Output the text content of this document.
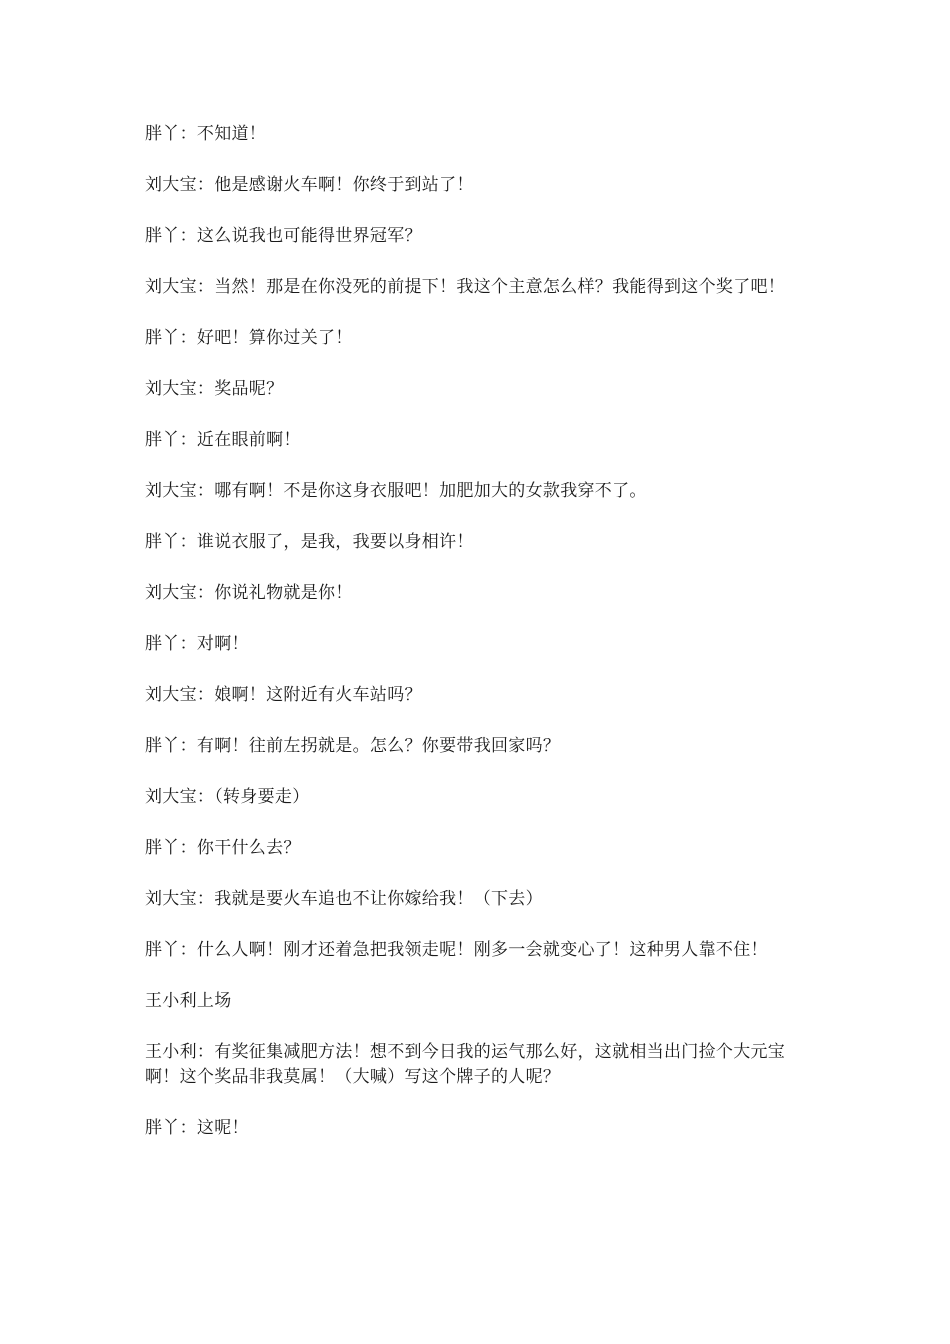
胖丫：不知道！

刘大宝：他是感谢火车啊！你终于到站了！

胖丫：这么说我也可能得世界冠军？

刘大宝：当然！那是在你没死的前提下！我这个主意怎么样？我能得到这个奖了吧！

胖丫：好吧！算你过关了！

刘大宝：奖品呢？

胖丫：近在眼前啊！

刘大宝：哪有啊！不是你这身衣服吧！加肥加大的女款我穿不了。

胖丫：谁说衣服了，是我，我要以身相许！

刘大宝：你说礼物就是你！

胖丫：对啊！

刘大宝：娘啊！这附近有火车站吗？

胖丫：有啊！往前左拐就是。怎么？你要带我回家吗？

刘大宝：（转身要走）

胖丫：你干什么去？

刘大宝：我就是要火车追也不让你嫁给我！（下去）

胖丫：什么人啊！刚才还着急把我领走呢！刚多一会就变心了！这种男人靠不住！

王小利上场

王小利：有奖征集减肥方法！想不到今日我的运气那么好，这就相当出门捡个大元宝啊！这个奖品非我莫属！（大喊）写这个牌子的人呢？

胖丫：这呢！
